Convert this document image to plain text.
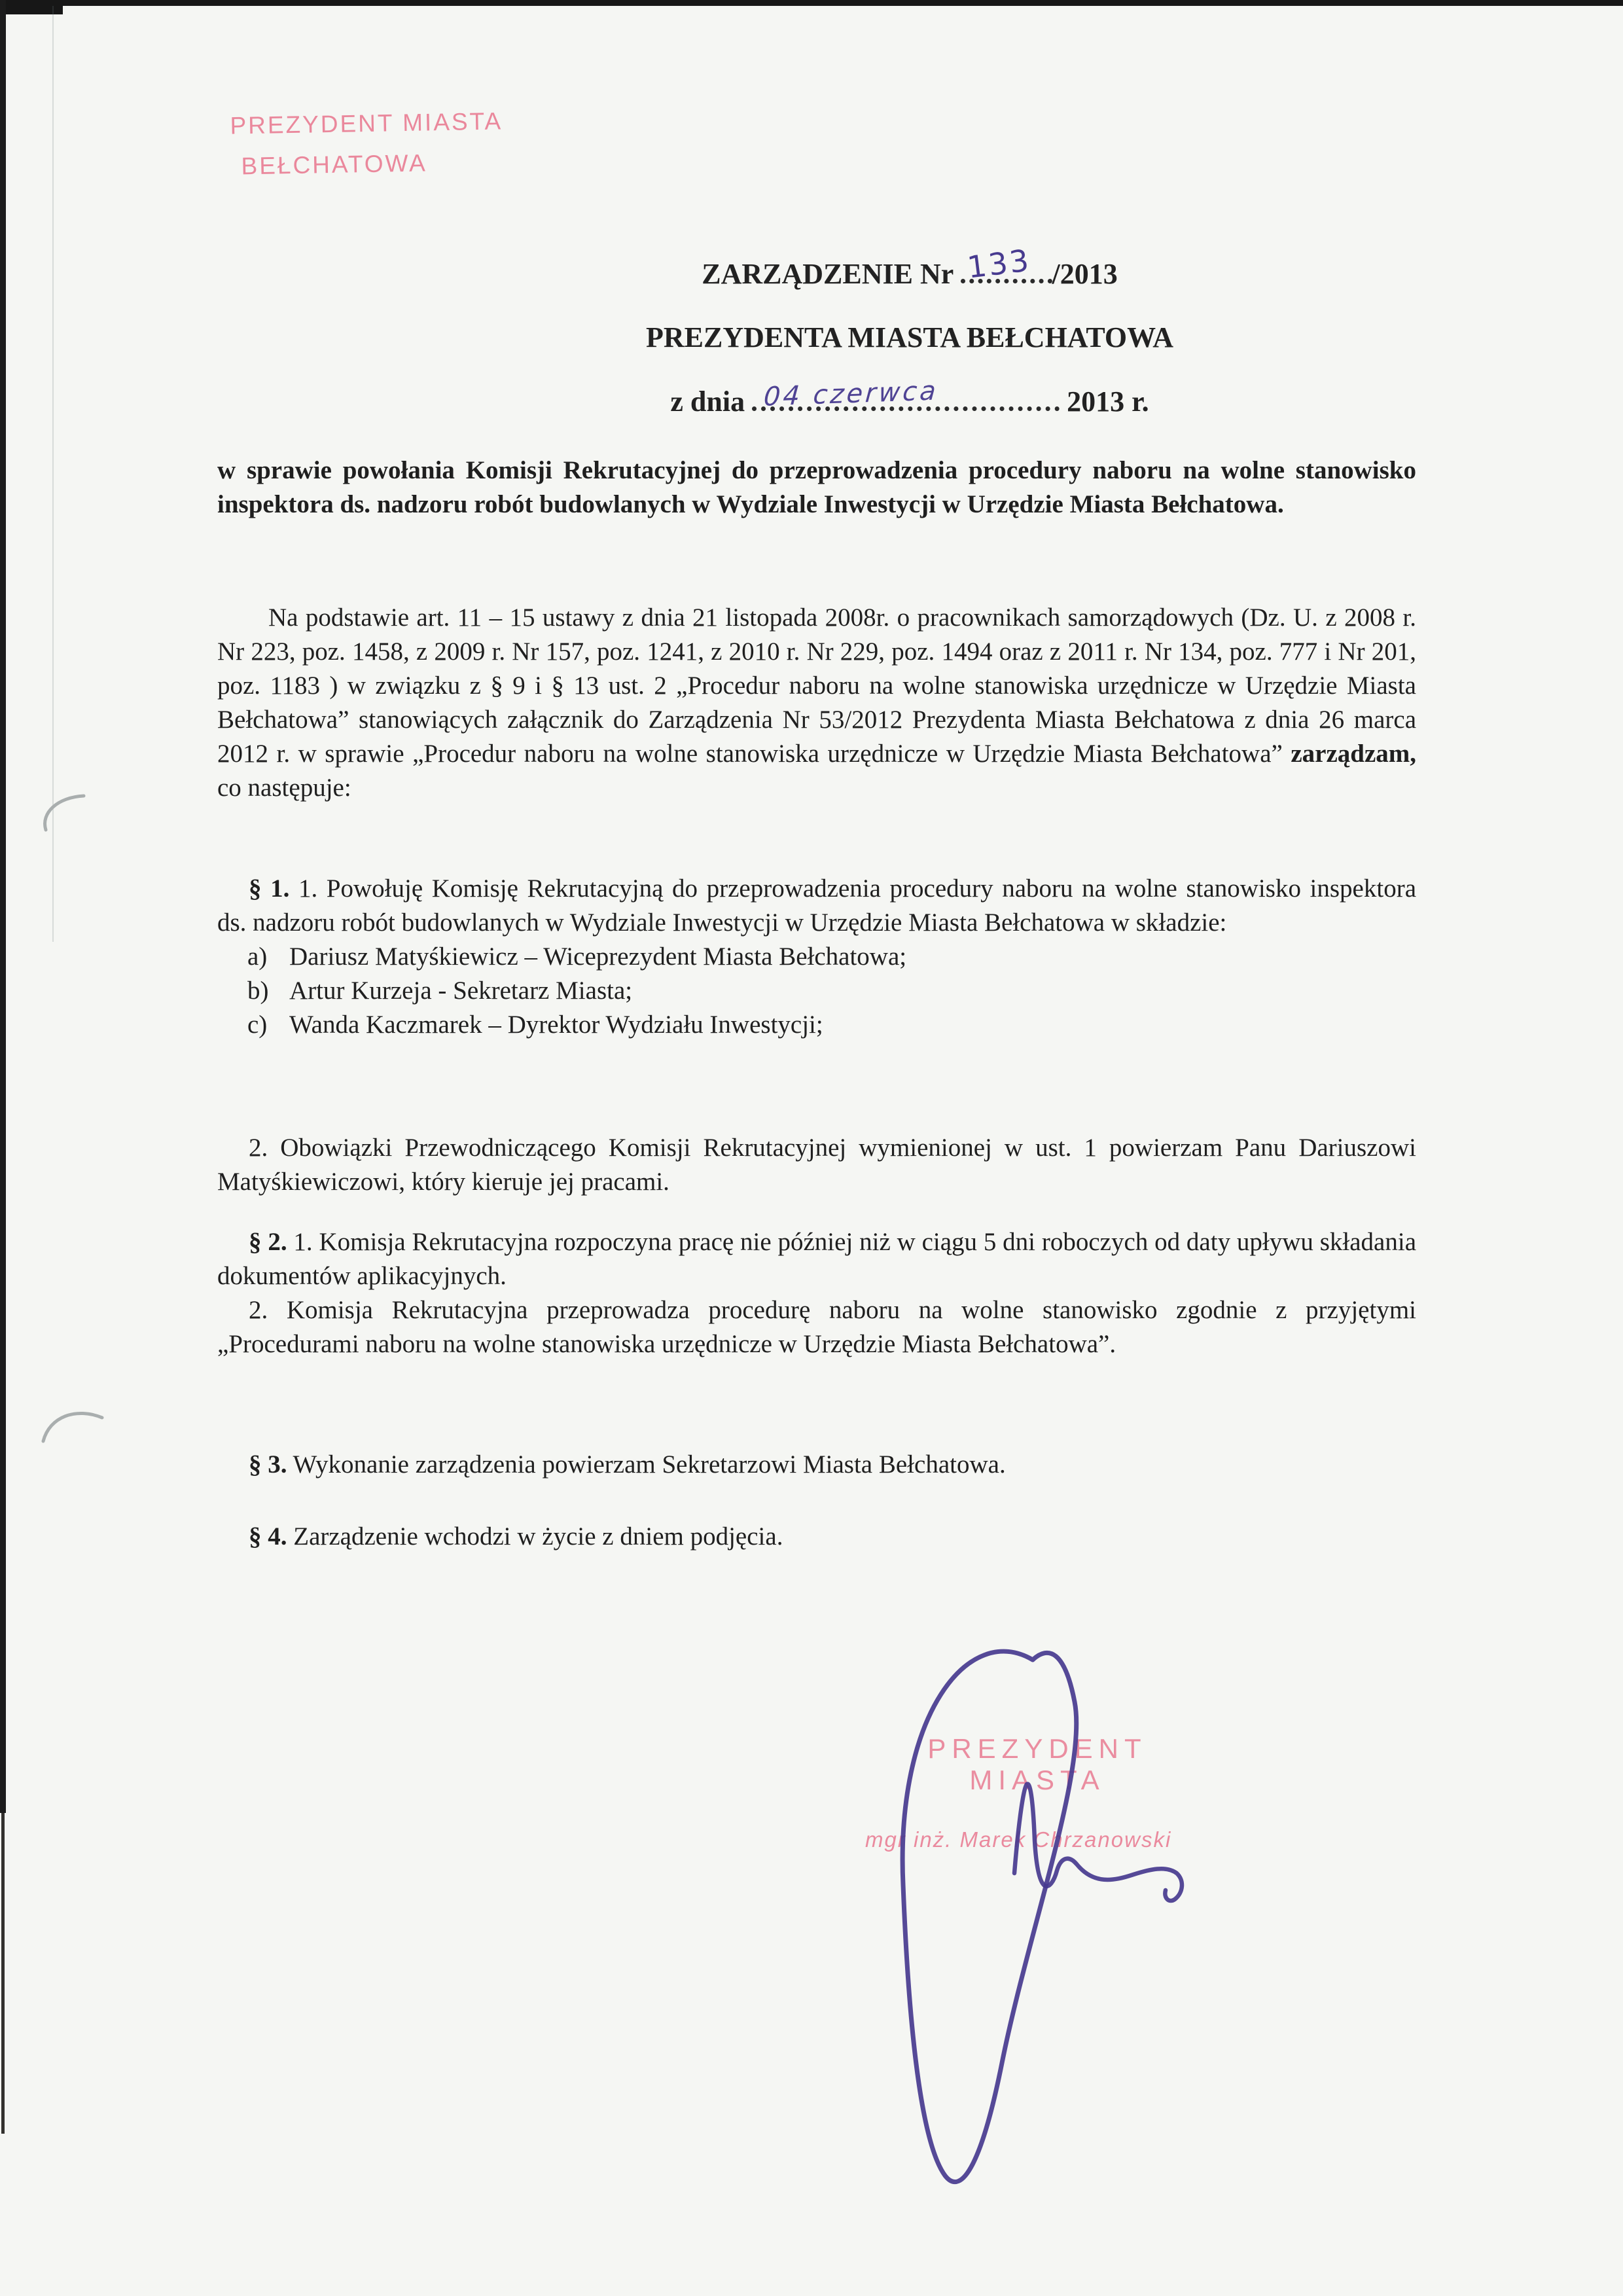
PREZYDENT MIASTA
BEŁCHATOWA
ZARZĄDZENIE Nr 133 /2013
PREZYDENTA MIASTA BEŁCHATOWA
z dnia 04 czerwca	2013 r.
w sprawie powołania Komisji Rekrutacyjnej do przeprowadzenia procedury naboru na wolne stanowisko inspektora ds. nadzoru robót budowlanych w Wydziale Inwestycji w Urzędzie Miasta Bełchatowa.
Na podstawie art. 11 – 15 ustawy z dnia 21 listopada 2008r. o pracownikach samorządowych (Dz. U. z 2008 r. Nr 223, poz. 1458, z 2009 r. Nr 157, poz. 1241, z 2010 r. Nr 229, poz. 1494 oraz z 2011 r. Nr 134, poz. 777 i Nr 201, poz. 1183 ) w związku z § 9 i § 13 ust. 2 „Procedur naboru na wolne stanowiska urzędnicze w Urzędzie Miasta Bełchatowa” stanowiących załącznik do Zarządzenia Nr 53/2012 Prezydenta Miasta Bełchatowa z dnia 26 marca 2012 r. w sprawie „Procedur naboru na wolne stanowiska urzędnicze w Urzędzie Miasta Bełchatowa” zarządzam, co następuje:
§ 1. 1. Powołuję Komisję Rekrutacyjną do przeprowadzenia procedury naboru na wolne stanowisko inspektora ds. nadzoru robót budowlanych w Wydziale Inwestycji w Urzędzie Miasta Bełchatowa w składzie:
a) Dariusz Matyśkiewicz – Wiceprezydent Miasta Bełchatowa;
b) Artur Kurzeja - Sekretarz Miasta;
c) Wanda Kaczmarek – Dyrektor Wydziału Inwestycji;
2. Obowiązki Przewodniczącego Komisji Rekrutacyjnej wymienionej w ust. 1 powierzam Panu Dariuszowi Matyśkiewiczowi, który kieruje jej pracami.
§ 2. 1. Komisja Rekrutacyjna rozpoczyna pracę nie później niż w ciągu 5 dni roboczych od daty upływu składania dokumentów aplikacyjnych.
2. Komisja Rekrutacyjna przeprowadza procedurę naboru na wolne stanowisko zgodnie z przyjętymi „Procedurami naboru na wolne stanowiska urzędnicze w Urzędzie Miasta Bełchatowa”.
§ 3. Wykonanie zarządzenia powierzam Sekretarzowi Miasta Bełchatowa.
§ 4. Zarządzenie wchodzi w życie z dniem podjęcia.
PREZYDENT MIASTA
mgr inż. Marek Chrzanowski
